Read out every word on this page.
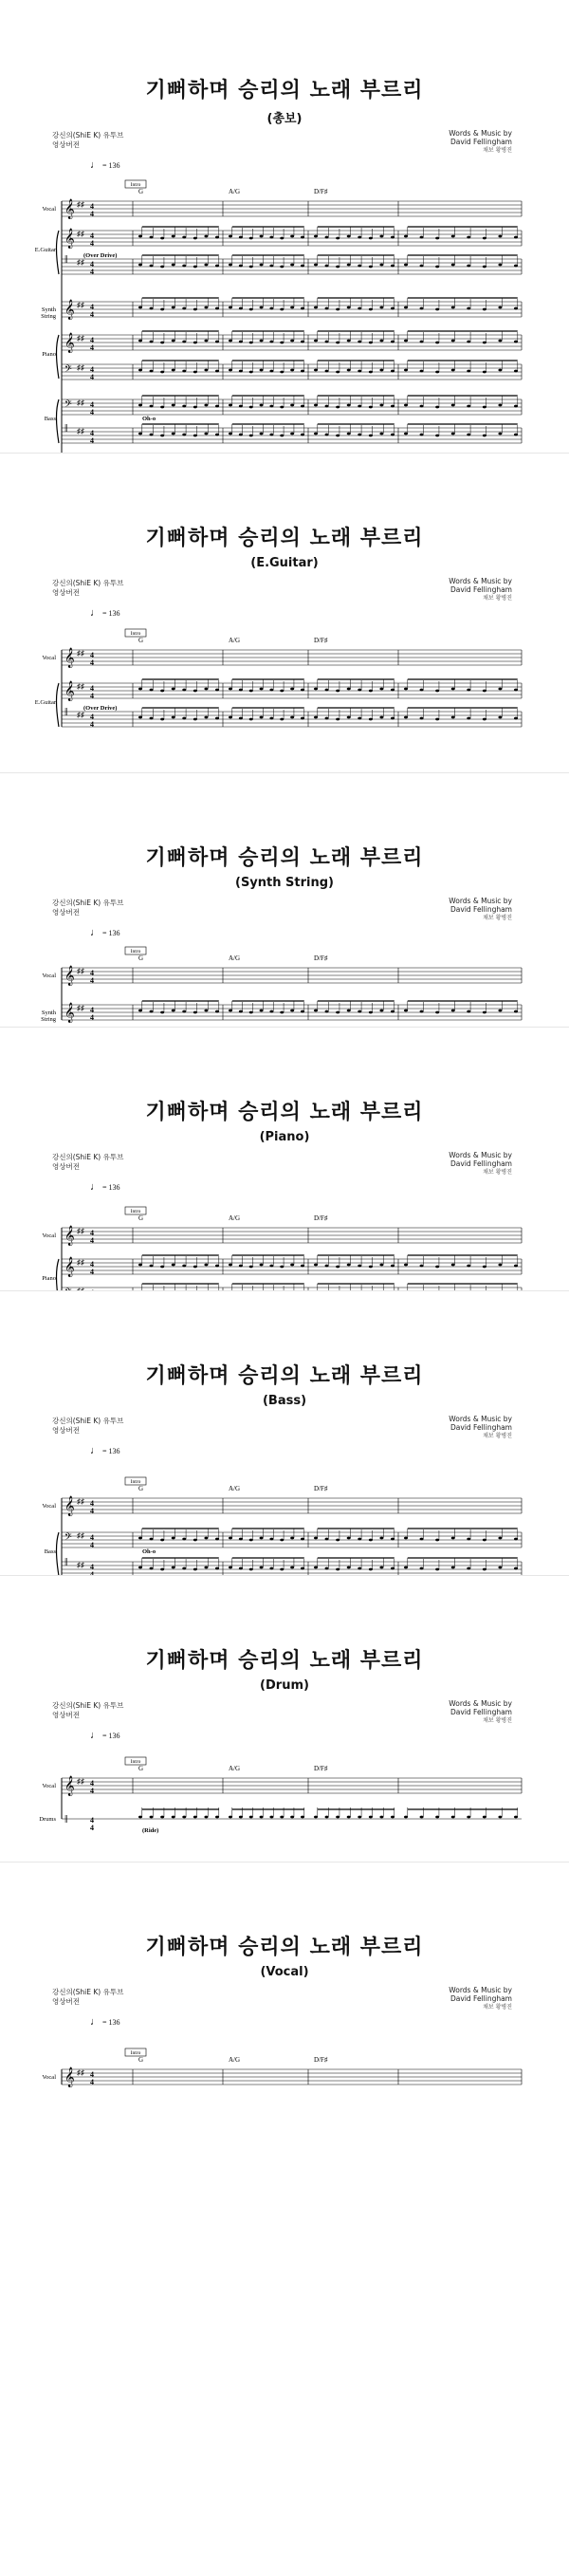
기뻐하며 승리의 노래 부르리
(총보)
강신의(ShiE K) 유투브
영상버전
Words & Music by
David Fellingham
채보 황병진
♩ = 136
Intro
G	A/G	D/F♯
Vocal 𝄞 ♯♯ 4
4
E.Guitar
𝄞 ♯♯ 4
4
‖ ♯♯ 4
4
Synth String 𝄞 ♯♯ 4
4
Piano
𝄞 ♯♯ 4
4
𝄢 ♯♯ 4
4
Bass
𝄢 ♯♯ 4
4
‖ ♯♯ 4
4
(Over Drive)
Oh-o
기뻐하며 승리의 노래 부르리
(E.Guitar)
강신의(ShiE K) 유투브
영상버전
Words & Music by
David Fellingham
채보 황병진
♩ = 136
Intro
G	A/G	D/F♯
Vocal 𝄞 ♯♯ 4
4
E.Guitar
𝄞 ♯♯ 4
4
‖ ♯♯ 4
4
(Over Drive)
기뻐하며 승리의 노래 부르리
(Synth String)
강신의(ShiE K) 유투브
영상버전
Words & Music by
David Fellingham
채보 황병진
♩ = 136
Intro
G	A/G	D/F♯
Vocal 𝄞 ♯♯ 4
4
Synth String 𝄞 ♯♯ 4
4
기뻐하며 승리의 노래 부르리
(Piano)
강신의(ShiE K) 유투브
영상버전
Words & Music by
David Fellingham
채보 황병진
♩ = 136
Intro
G	A/G	D/F♯
Vocal 𝄞 ♯♯ 4
4
Piano
𝄞 ♯♯ 4
4
기뻐하며 승리의 노래 부르리
(Bass)
강신의(ShiE K) 유투브
영상버전
Words & Music by
David Fellingham
채보 황병진
♩ = 136
Intro
G	A/G	D/F♯
Vocal 𝄞 ♯♯ 4
4
Bass
𝄢 ♯♯ 4
4
‖ ♯♯ 4
Oh-o
기뻐하며 승리의 노래 부르리
(Drum)
강신의(ShiE K) 유투브
영상버전
Words & Music by
David Fellingham
채보 황병진
♩ = 136
Intro
G	A/G	D/F♯
Vocal 𝄞 ♯♯ 4
4
Drums ‖	4
4	(Ride)
기뻐하며 승리의 노래 부르리
(Vocal)
강신의(ShiE K) 유투브
영상버전
Words & Music by
David Fellingham
채보 황병진
♩ = 136
Intro
G	A/G	D/F♯
Vocal 𝄞 ♯♯ 4
4
